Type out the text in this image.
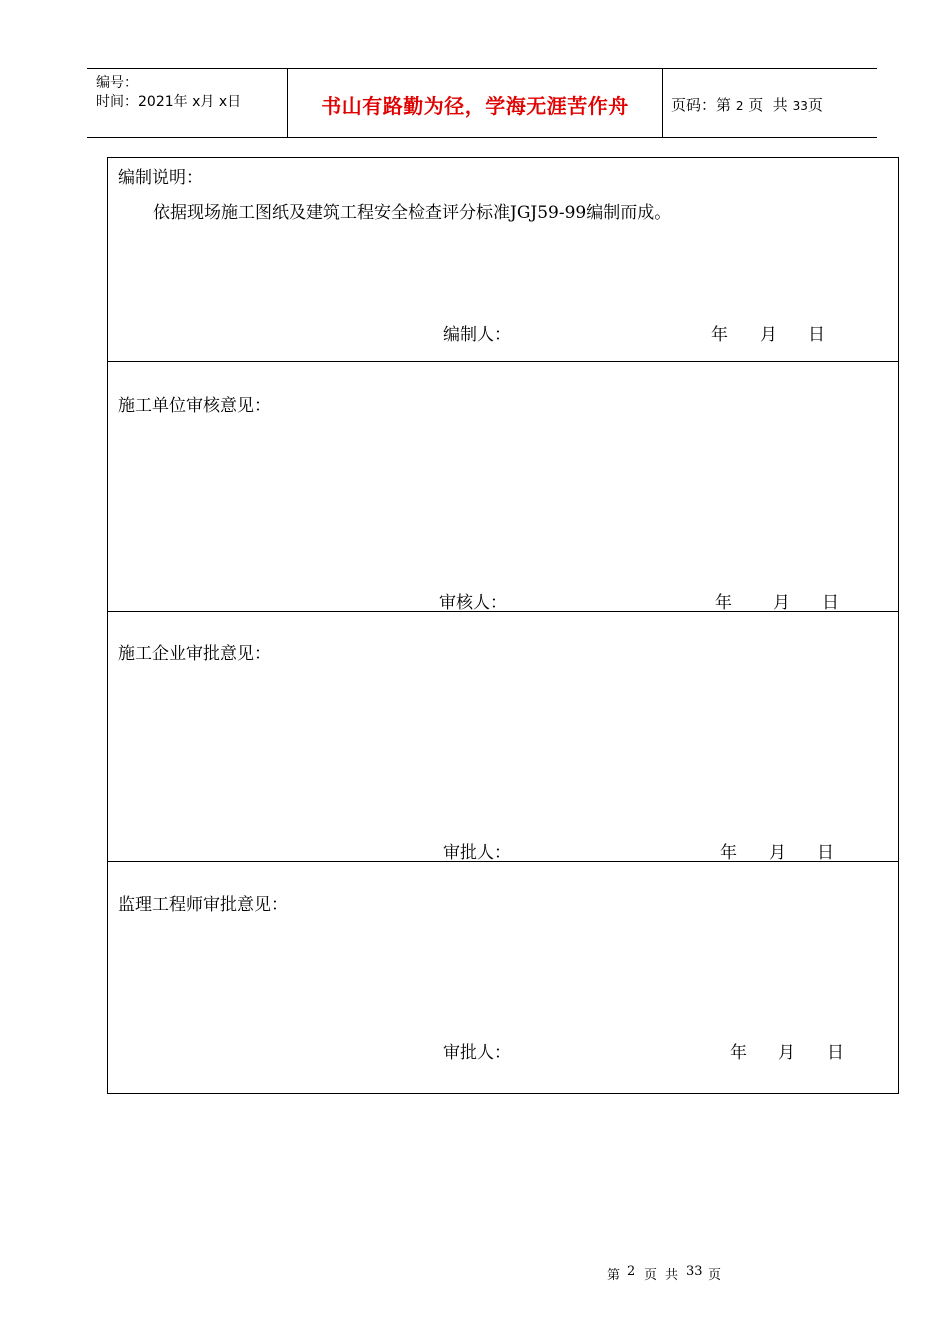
编号：
时间：2021年 x月 x日	书山有路勤为径，学海无涯苦作舟	页码：第 2 页 共 33页
编制说明：
依据现场施工图纸及建筑工程安全检查评分标准JGJ59-99编制而成。
编制人：	年 月 日
施工单位审核意见：
审核人：	年 月 日
施工企业审批意见：
审批人：	年 月 日
监理工程师审批意见：
审批人：	年 月 日
第 2 页 共 33 页
